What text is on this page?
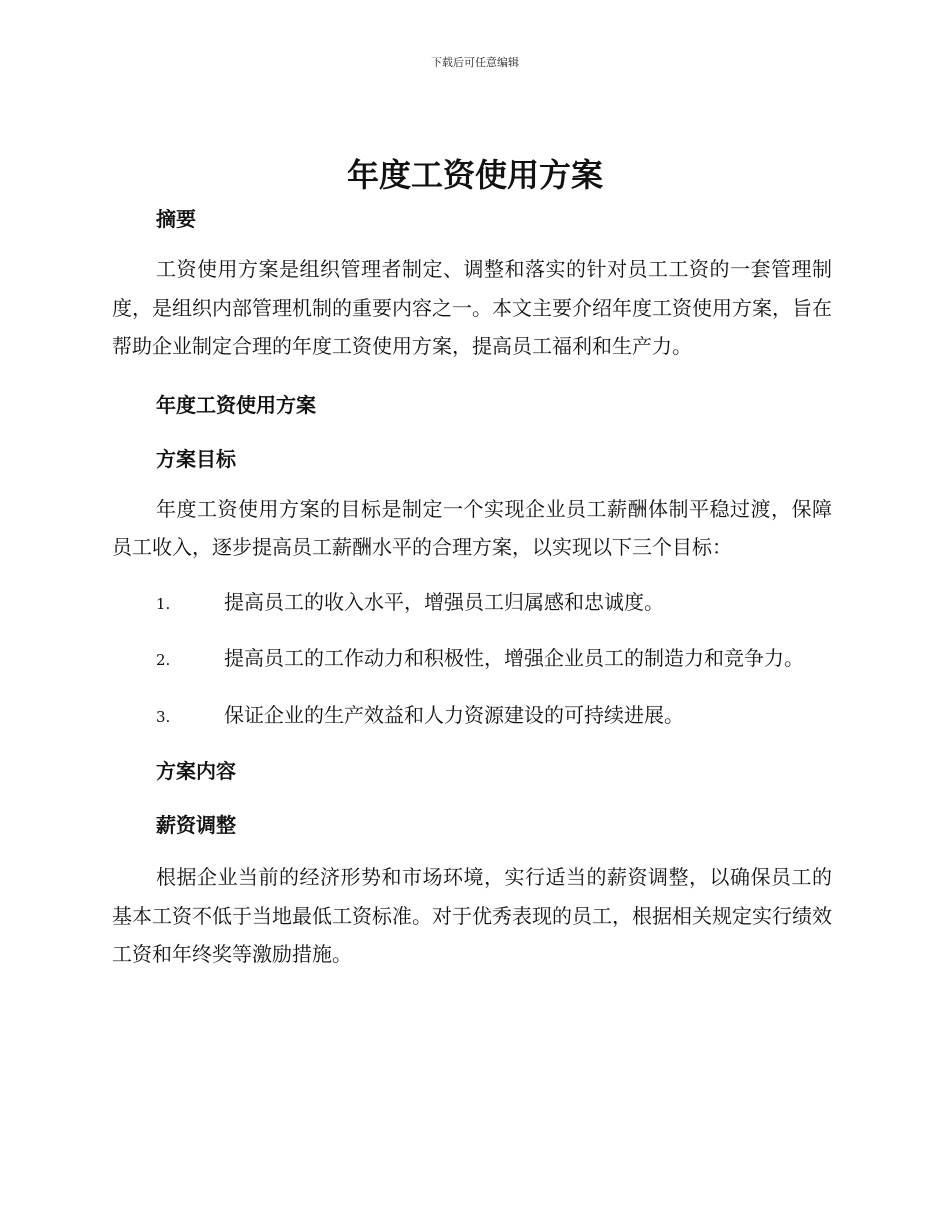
下载后可任意编辑
年度工资使用方案

摘要

工资使用方案是组织管理者制定、调整和落实的针对员工工资的一套管理制度，是组织内部管理机制的重要内容之一。本文主要介绍年度工资使用方案，旨在帮助企业制定合理的年度工资使用方案，提高员工福利和生产力。

年度工资使用方案

方案目标

年度工资使用方案的目标是制定一个实现企业员工薪酬体制平稳过渡，保障员工收入，逐步提高员工薪酬水平的合理方案，以实现以下三个目标：

1.	提高员工的收入水平，增强员工归属感和忠诚度。

2.	提高员工的工作动力和积极性，增强企业员工的制造力和竞争力。

3.	保证企业的生产效益和人力资源建设的可持续进展。

方案内容

薪资调整

根据企业当前的经济形势和市场环境，实行适当的薪资调整，以确保员工的基本工资不低于当地最低工资标准。对于优秀表现的员工，根据相关规定实行绩效工资和年终奖等激励措施。
